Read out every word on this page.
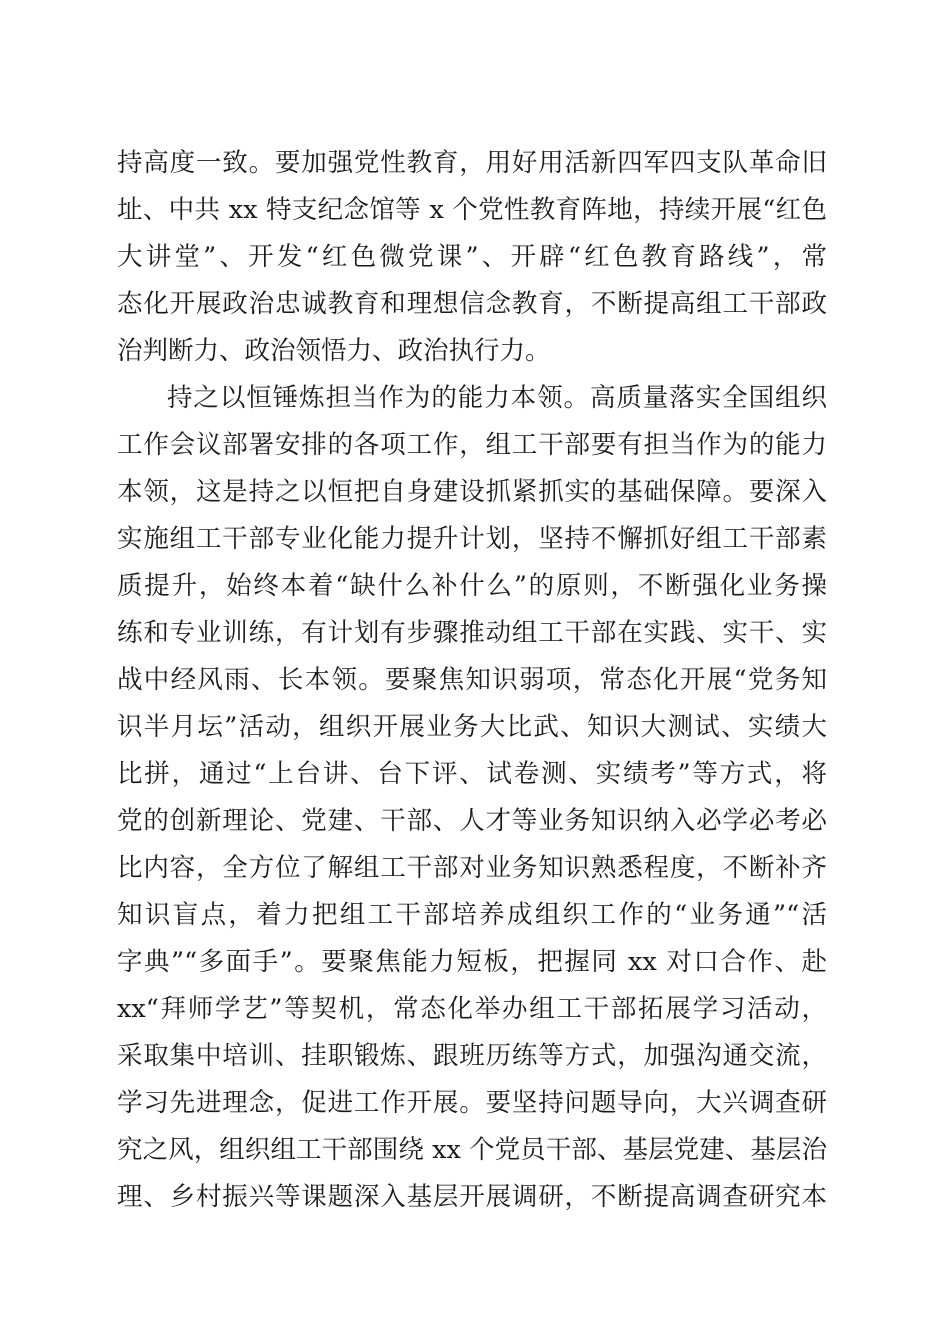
持高度一致。要加强党性教育，用好用活新四军四支队革命旧
址、中共 xx 特支纪念馆等 x 个党性教育阵地，持续开展“红色
大讲堂”、开发“红色微党课”、开辟“红色教育路线”，常
态化开展政治忠诚教育和理想信念教育，不断提高组工干部政
治判断力、政治领悟力、政治执行力。
持之以恒锤炼担当作为的能力本领。高质量落实全国组织
工作会议部署安排的各项工作，组工干部要有担当作为的能力
本领，这是持之以恒把自身建设抓紧抓实的基础保障。要深入
实施组工干部专业化能力提升计划，坚持不懈抓好组工干部素
质提升，始终本着“缺什么补什么”的原则，不断强化业务操
练和专业训练，有计划有步骤推动组工干部在实践、实干、实
战中经风雨、长本领。要聚焦知识弱项，常态化开展“党务知
识半月坛”活动，组织开展业务大比武、知识大测试、实绩大
比拼，通过“上台讲、台下评、试卷测、实绩考”等方式，将
党的创新理论、党建、干部、人才等业务知识纳入必学必考必
比内容，全方位了解组工干部对业务知识熟悉程度，不断补齐
知识盲点，着力把组工干部培养成组织工作的“业务通”“活
字典”“多面手”。要聚焦能力短板，把握同 xx 对口合作、赴
xx“拜师学艺”等契机，常态化举办组工干部拓展学习活动，
采取集中培训、挂职锻炼、跟班历练等方式，加强沟通交流，
学习先进理念，促进工作开展。要坚持问题导向，大兴调查研
究之风，组织组工干部围绕 xx 个党员干部、基层党建、基层治
理、乡村振兴等课题深入基层开展调研，不断提高调查研究本
